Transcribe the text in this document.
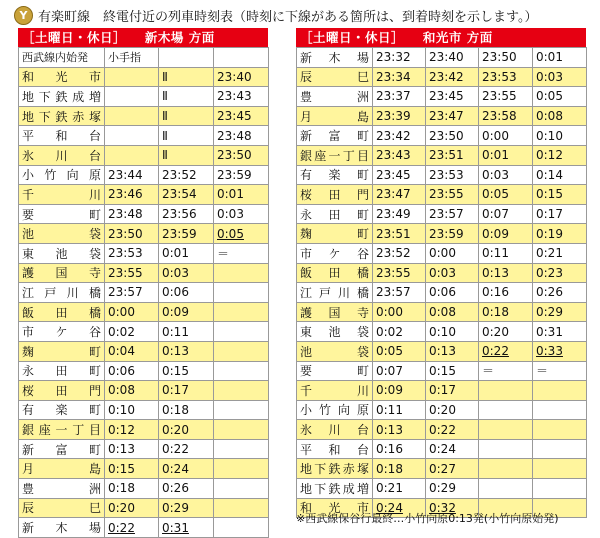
Y 有楽町線　終電付近の列車時刻表（時刻に下線がある箇所は、到着時刻を示します。）
［土曜日・休日］ 新木場 方面
西武線内始発	小手指		
和光市		Ⅱ	23:40
地下鉄成増		Ⅱ	23:43
地下鉄赤塚		Ⅱ	23:45
平和台		Ⅱ	23:48
氷川台		Ⅱ	23:50
小竹向原	23:44	23:52	23:59
千川	23:46	23:54	0:01
要町	23:48	23:56	0:03
池袋	23:50	23:59	0:05
東池袋	23:53	0:01	＝
護国寺	23:55	0:03	
江戸川橋	23:57	0:06	
飯田橋	0:00	0:09	
市ケ谷	0:02	0:11	
麹町	0:04	0:13	
永田町	0:06	0:15	
桜田門	0:08	0:17	
有楽町	0:10	0:18	
銀座一丁目	0:12	0:20	
新富町	0:13	0:22	
月島	0:15	0:24	
豊洲	0:18	0:26	
辰巳	0:20	0:29	
新木場	0:22	0:31	
［土曜日・休日］ 和光市 方面
新木場	23:32	23:40	23:50	0:01
辰巳	23:34	23:42	23:53	0:03
豊洲	23:37	23:45	23:55	0:05
月島	23:39	23:47	23:58	0:08
新富町	23:42	23:50	0:00	0:10
銀座一丁目	23:43	23:51	0:01	0:12
有楽町	23:45	23:53	0:03	0:14
桜田門	23:47	23:55	0:05	0:15
永田町	23:49	23:57	0:07	0:17
麹町	23:51	23:59	0:09	0:19
市ケ谷	23:52	0:00	0:11	0:21
飯田橋	23:55	0:03	0:13	0:23
江戸川橋	23:57	0:06	0:16	0:26
護国寺	0:00	0:08	0:18	0:29
東池袋	0:02	0:10	0:20	0:31
池袋	0:05	0:13	0:22	0:33
要町	0:07	0:15	＝	＝
千川	0:09	0:17		
小竹向原	0:11	0:20		
氷川台	0:13	0:22		
平和台	0:16	0:24		
地下鉄赤塚	0:18	0:27		
地下鉄成増	0:21	0:29		
和光市	0:24	0:32		
※西武線保谷行最終…小竹向原0:13発(小竹向原始発)
